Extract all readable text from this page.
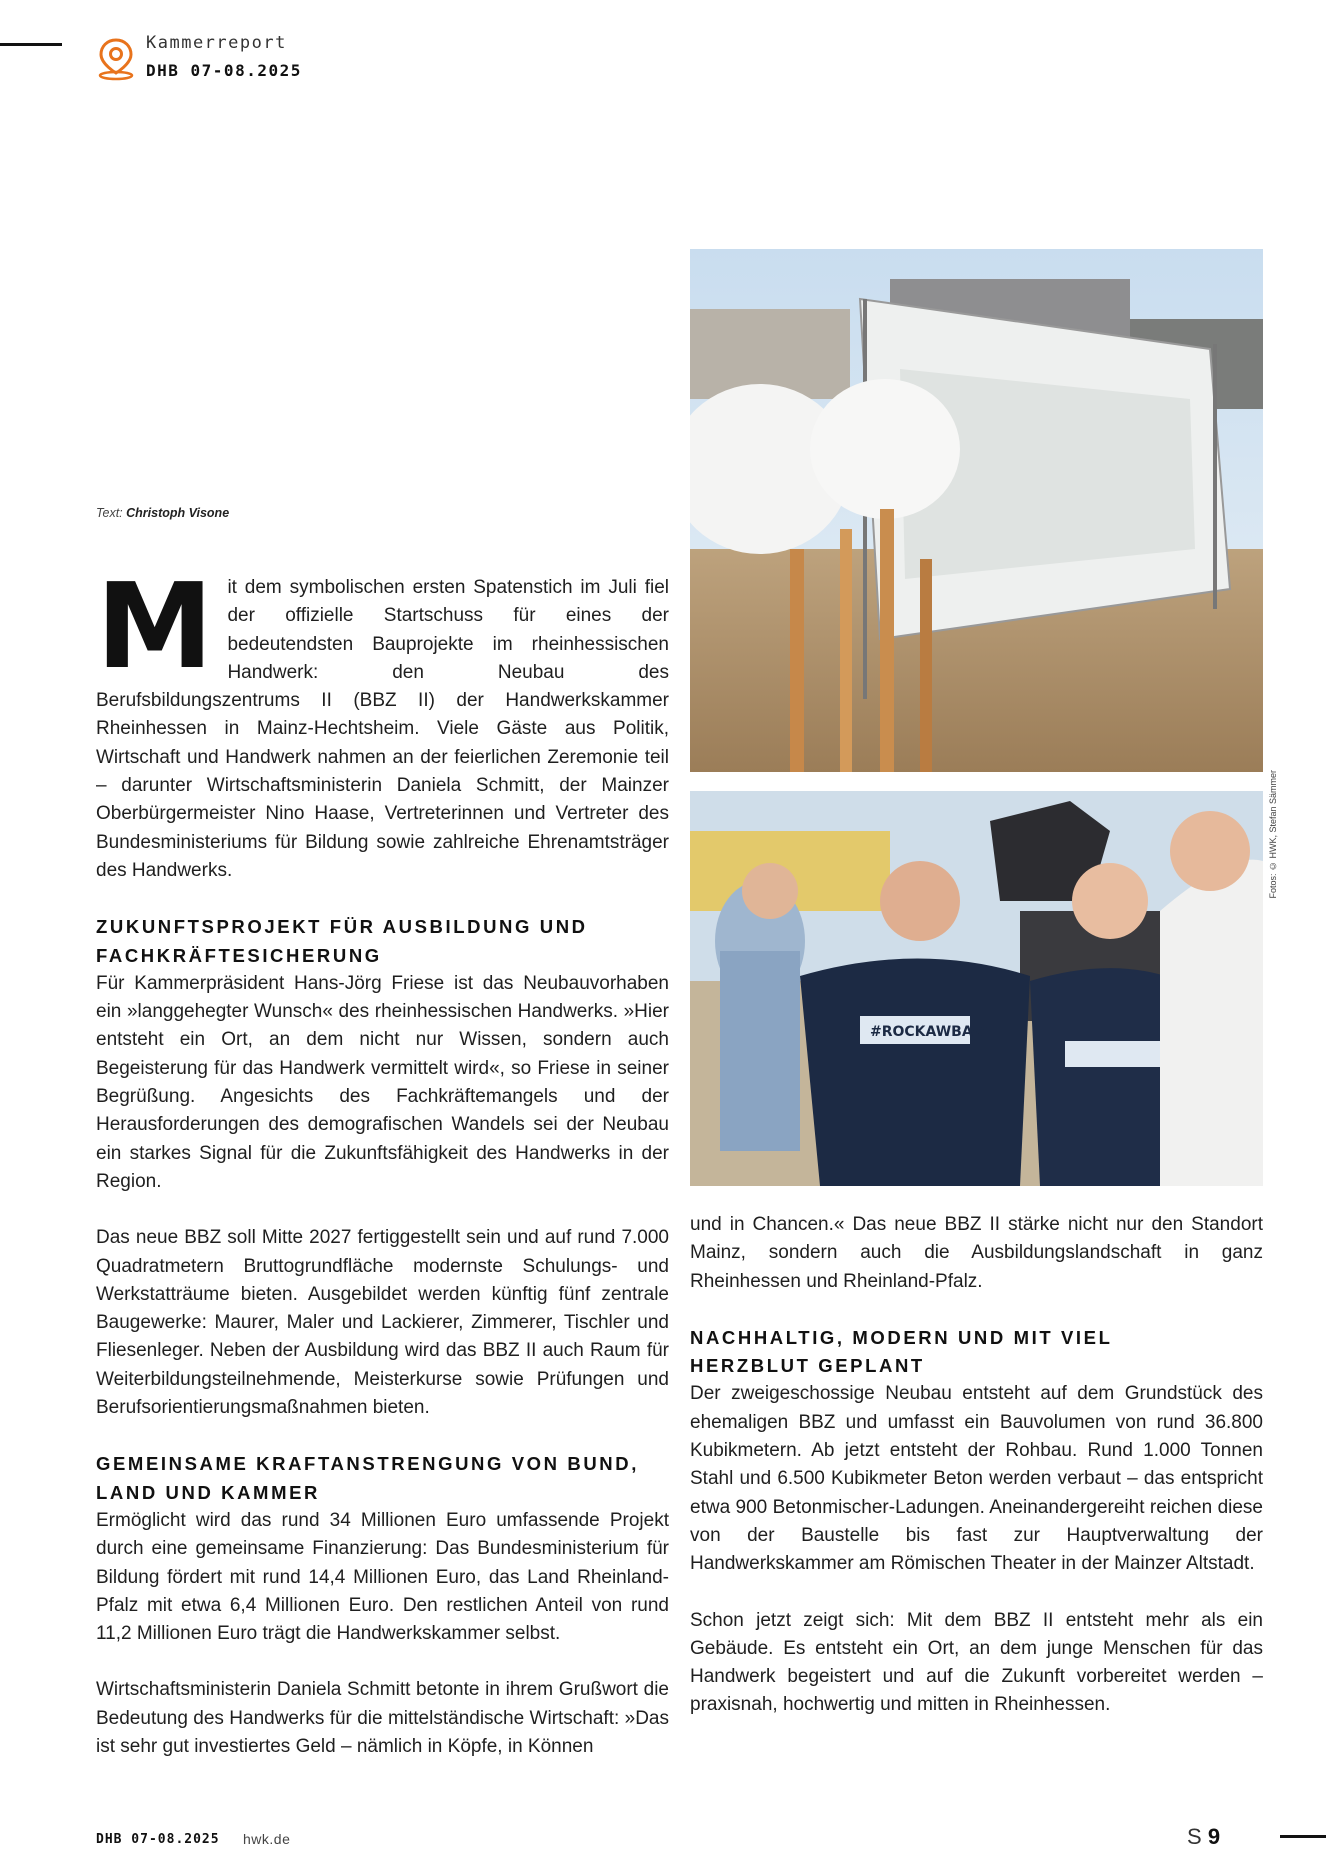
Kammerreport
DHB 07-08.2025
Text: Christoph Visone

Mit dem symbolischen ersten Spatenstich im Juli fiel der offizielle Startschuss für eines der bedeutendsten Bauprojekte im rheinhessischen Handwerk: den Neubau des Berufsbildungszentrums II (BBZ II) der Handwerkskammer Rheinhessen in Mainz-Hechtsheim. Viele Gäste aus Politik, Wirtschaft und Handwerk nahmen an der feierlichen Zeremonie teil – darunter Wirtschaftsministerin Daniela Schmitt, der Mainzer Oberbürgermeister Nino Haase, Vertreterinnen und Vertreter des Bundesministeriums für Bildung sowie zahlreiche Ehrenamtsträger des Handwerks.

ZUKUNFTSPROJEKT FÜR AUSBILDUNG UND
FACHKRÄFTESICHERUNG

Für Kammerpräsident Hans-Jörg Friese ist das Neubauvorhaben ein »langgehegter Wunsch« des rheinhessischen Handwerks. »Hier entsteht ein Ort, an dem nicht nur Wissen, sondern auch Begeisterung für das Handwerk vermittelt wird«, so Friese in seiner Begrüßung. Angesichts des Fachkräftemangels und der Herausforderungen des demografischen Wandels sei der Neubau ein starkes Signal für die Zukunftsfähigkeit des Handwerks in der Region.

Das neue BBZ soll Mitte 2027 fertiggestellt sein und auf rund 7.000 Quadratmetern Bruttogrundfläche modernste Schulungs- und Werkstatträume bieten. Ausgebildet werden künftig fünf zentrale Baugewerke: Maurer, Maler und Lackierer, Zimmerer, Tischler und Fliesenleger. Neben der Ausbildung wird das BBZ II auch Raum für Weiterbildungsteilnehmende, Meisterkurse sowie Prüfungen und Berufsorientierungsmaßnahmen bieten.

GEMEINSAME KRAFTANSTRENGUNG VON BUND,
LAND UND KAMMER

Ermöglicht wird das rund 34 Millionen Euro umfassende Projekt durch eine gemeinsame Finanzierung: Das Bundesministerium für Bildung fördert mit rund 14,4 Millionen Euro, das Land Rheinland-Pfalz mit etwa 6,4 Millionen Euro. Den restlichen Anteil von rund 11,2 Millionen Euro trägt die Handwerkskammer selbst.

Wirtschaftsministerin Daniela Schmitt betonte in ihrem Grußwort die Bedeutung des Handwerks für die mittelständische Wirtschaft: »Das ist sehr gut investiertes Geld – nämlich in Köpfe, in Können

Fotos: © HWK, Stefan Sämmer
#ROCKAWBAW

und in Chancen.« Das neue BBZ II stärke nicht nur den Standort Mainz, sondern auch die Ausbildungslandschaft in ganz Rheinhessen und Rheinland-Pfalz.

NACHHALTIG, MODERN UND MIT VIEL
HERZBLUT GEPLANT

Der zweigeschossige Neubau entsteht auf dem Grundstück des ehemaligen BBZ und umfasst ein Bauvolumen von rund 36.800 Kubikmetern. Ab jetzt entsteht der Rohbau. Rund 1.000 Tonnen Stahl und 6.500 Kubikmeter Beton werden verbaut – das entspricht etwa 900 Betonmischer-Ladungen. Aneinandergereiht reichen diese von der Baustelle bis fast zur Hauptverwaltung der Handwerkskammer am Römischen Theater in der Mainzer Altstadt.

Schon jetzt zeigt sich: Mit dem BBZ II entsteht mehr als ein Gebäude. Es entsteht ein Ort, an dem junge Menschen für das Handwerk begeistert und auf die Zukunft vorbereitet werden – praxisnah, hochwertig und mitten in Rheinhessen.

DHB 07-08.2025 hwk.de	S 9
